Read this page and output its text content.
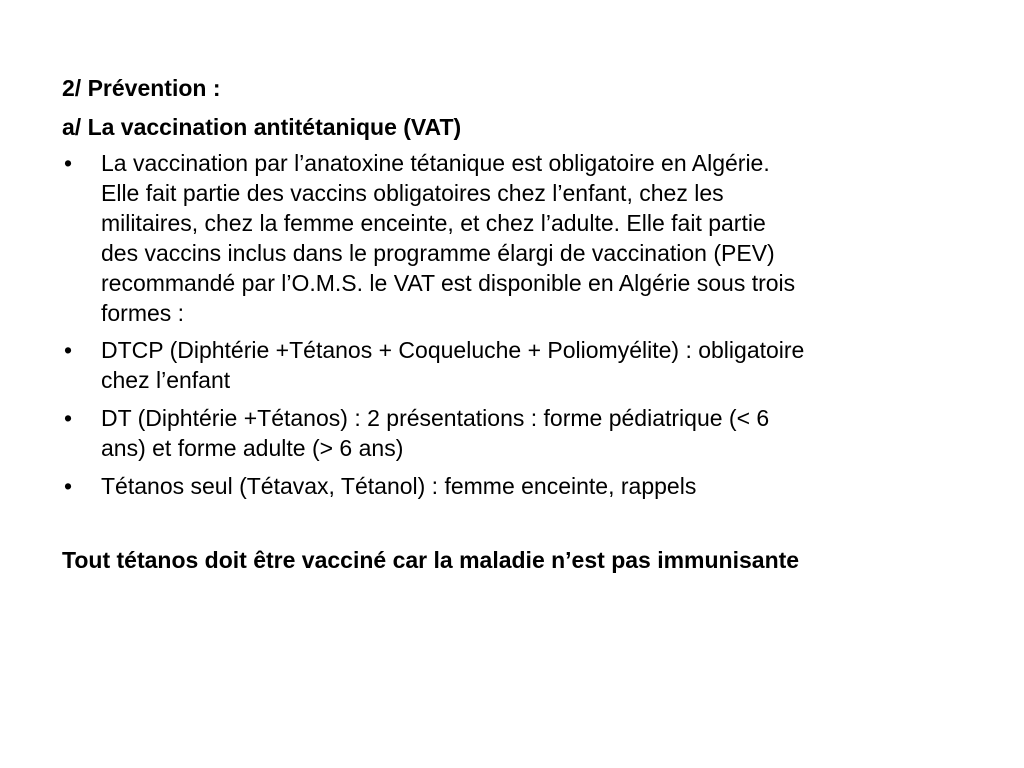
2/ Prévention :
a/ La vaccination antitétanique (VAT)
•
La vaccination par l’anatoxine tétanique est obligatoire en Algérie.
Elle fait partie des vaccins obligatoires chez l’enfant, chez les
militaires, chez la femme enceinte, et chez l’adulte. Elle fait partie
des vaccins inclus dans le programme élargi de vaccination (PEV)
recommandé par l’O.M.S. le VAT est disponible en Algérie sous trois
formes :
•
DTCP (Diphtérie +Tétanos + Coqueluche + Poliomyélite) : obligatoire
chez l’enfant
•
DT (Diphtérie +Tétanos) : 2 présentations : forme pédiatrique (< 6
ans) et forme adulte (> 6 ans)
•
Tétanos seul (Tétavax, Tétanol) : femme enceinte, rappels
Tout tétanos doit être vacciné car la maladie n’est pas immunisante
